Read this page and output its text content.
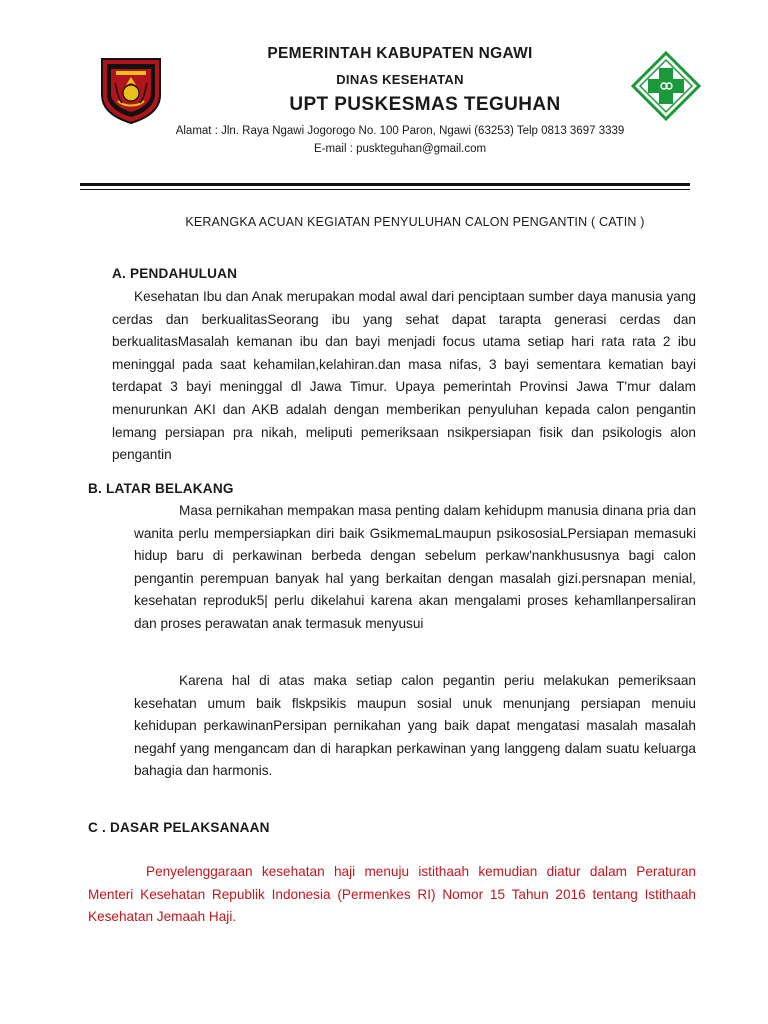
PEMERINTAH KABUPATEN NGAWI
DINAS KESEHATAN
UPT PUSKESMAS TEGUHAN
Alamat : Jln. Raya Ngawi Jogorogo No. 100 Paron, Ngawi (63253) Telp 0813 3697 3339
E-mail : puskteguhan@gmail.com
KERANGKA ACUAN KEGIATAN PENYULUHAN CALON PENGANTIN ( CATIN )
A. PENDAHULUAN

Kesehatan Ibu dan Anak merupakan modal awal dari penciptaan sumber daya manusia yang cerdas dan berkualitasSeorang ibu yang sehat dapat tarapta generasi cerdas dan berkualitasMasalah kemanan ibu dan bayi menjadi focus utama setiap hari rata rata 2 ibu meninggal pada saat kehamilan,kelahiran.dan masa nifas, 3 bayi sementara kematian bayi terdapat 3 bayi meninggal dl Jawa Timur. Upaya pemerintah Provinsi Jawa T'mur dalam menurunkan AKI dan AKB adalah dengan memberikan penyuluhan kepada calon pengantin lemang persiapan pra nikah, meliputi pemeriksaan nsikpersiapan fisik dan psikologis alon pengantin

B. LATAR BELAKANG

Masa pernikahan mempakan masa penting dalam kehidupm manusia dinana pria dan wanita perlu mempersiapkan diri baik GsikmemaLmaupun psikososiaLPersiapan memasuki hidup baru di perkawinan berbeda dengan sebelum perkaw'nankhususnya bagi calon pengantin perempuan banyak hal yang berkaitan dengan masalah gizi.persnapan menial, kesehatan reproduk5| perlu dikelahui karena akan mengalami proses kehamllanpersaliran dan proses perawatan anak termasuk menyusui

Karena hal di atas maka setiap calon pegantin periu melakukan pemeriksaan kesehatan umum baik flskpsikis maupun sosial unuk menunjang persiapan menuiu kehidupan perkawinanPersipan pernikahan yang baik dapat mengatasi masalah masalah negahf yang mengancam dan di harapkan perkawinan yang langgeng dalam suatu keluarga bahagia dan harmonis.

C . DASAR PELAKSANAAN

Penyelenggaraan kesehatan haji menuju istithaah kemudian diatur dalam Peraturan Menteri Kesehatan Republik Indonesia (Permenkes RI) Nomor 15 Tahun 2016 tentang Istithaah Kesehatan Jemaah Haji.
